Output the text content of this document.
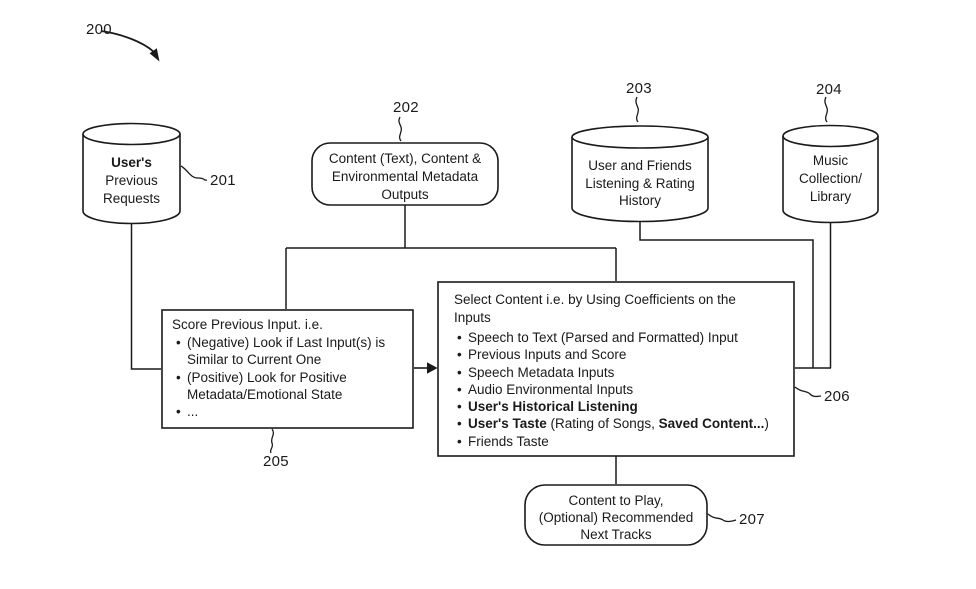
200
User's
Previous
Requests
201
Content (Text), Content &
Environmental Metadata
Outputs
202
User and Friends
Listening & Rating
History
203
Music
Collection/
Library
204
Score Previous Input. i.e.
• (Negative) Look if Last Input(s) is
Similar to Current One
• (Positive) Look for Positive
Metadata/Emotional State
• ...
205
Select Content i.e. by Using Coefficients on the
Inputs
• Speech to Text (Parsed and Formatted) Input
• Previous Inputs and Score
• Speech Metadata Inputs
• Audio Environmental Inputs
• User's Historical Listening
• User's Taste (Rating of Songs, Saved Content...)
• Friends Taste
206
Content to Play,
(Optional) Recommended
Next Tracks
207
